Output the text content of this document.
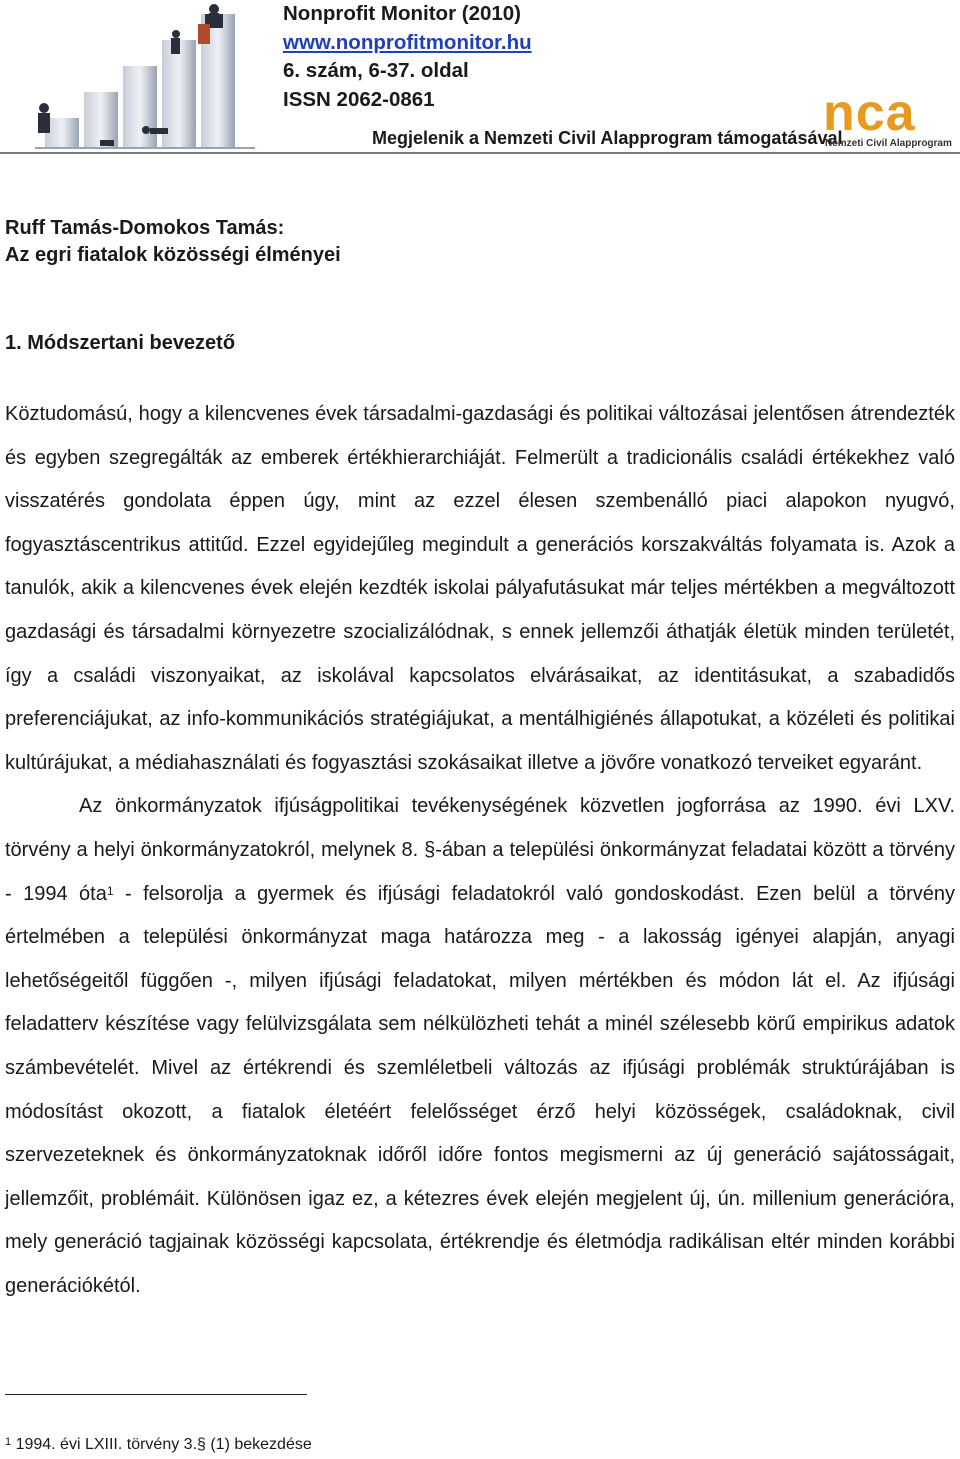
Nonprofit Monitor (2010)
www.nonprofitmonitor.hu
6. szám, 6-37. oldal
ISSN 2062-0861
Megjelenik a Nemzeti Civil Alapprogram támogatásával
nca
Nemzeti Civil Alapprogram
Ruff Tamás-Domokos Tamás:
Az egri fiatalok közösségi élményei
1. Módszertani bevezető

Köztudomású, hogy a kilencvenes évek társadalmi-gazdasági és politikai változásai jelentősen átrendezték és egyben szegregálták az emberek értékhierarchiáját. Felmerült a tradicionális családi értékekhez való visszatérés gondolata éppen úgy, mint az ezzel élesen szembenálló piaci alapokon nyugvó, fogyasztáscentrikus attitűd. Ezzel egyidejűleg megindult a generációs korszakváltás folyamata is. Azok a tanulók, akik a kilencvenes évek elején kezdték iskolai pályafutásukat már teljes mértékben a megváltozott gazdasági és társadalmi környezetre szocializálódnak, s ennek jellemzői áthatják életük minden területét, így a családi viszonyaikat, az iskolával kapcsolatos elvárásaikat, az identitásukat, a szabadidős preferenciájukat, az info-kommunikációs stratégiájukat, a mentálhigiénés állapotukat, a közéleti és politikai kultúrájukat, a médiahasználati és fogyasztási szokásaikat illetve a jövőre vonatkozó terveiket egyaránt.

Az önkormányzatok ifjúságpolitikai tevékenységének közvetlen jogforrása az 1990. évi LXV. törvény a helyi önkormányzatokról, melynek 8. §-ában a települési önkormányzat feladatai között a törvény - 1994 óta$^1$ - felsorolja a gyermek és ifjúsági feladatokról való gondoskodást. Ezen belül a törvény értelmében a települési önkormányzat maga határozza meg - a lakosság igényei alapján, anyagi lehetőségeitől függően -, milyen ifjúsági feladatokat, milyen mértékben és módon lát el. Az ifjúsági feladatterv készítése vagy felülvizsgálata sem nélkülözheti tehát a minél szélesebb körű empirikus adatok számbevételét. Mivel az értékrendi és szemléletbeli változás az ifjúsági problémák struktúrájában is módosítást okozott, a fiatalok életéért felelősséget érző helyi közösségek, családoknak, civil szervezeteknek és önkormányzatoknak időről időre fontos megismerni az új generáció sajátosságait, jellemzőit, problémáit. Különösen igaz ez, a kétezres évek elején megjelent új, ún. millenium generációra, mely generáció tagjainak közösségi kapcsolata, értékrendje és életmódja radikálisan eltér minden korábbi generációkétól.

$^1$ 1994. évi LXIII. törvény 3.§ (1) bekezdése
